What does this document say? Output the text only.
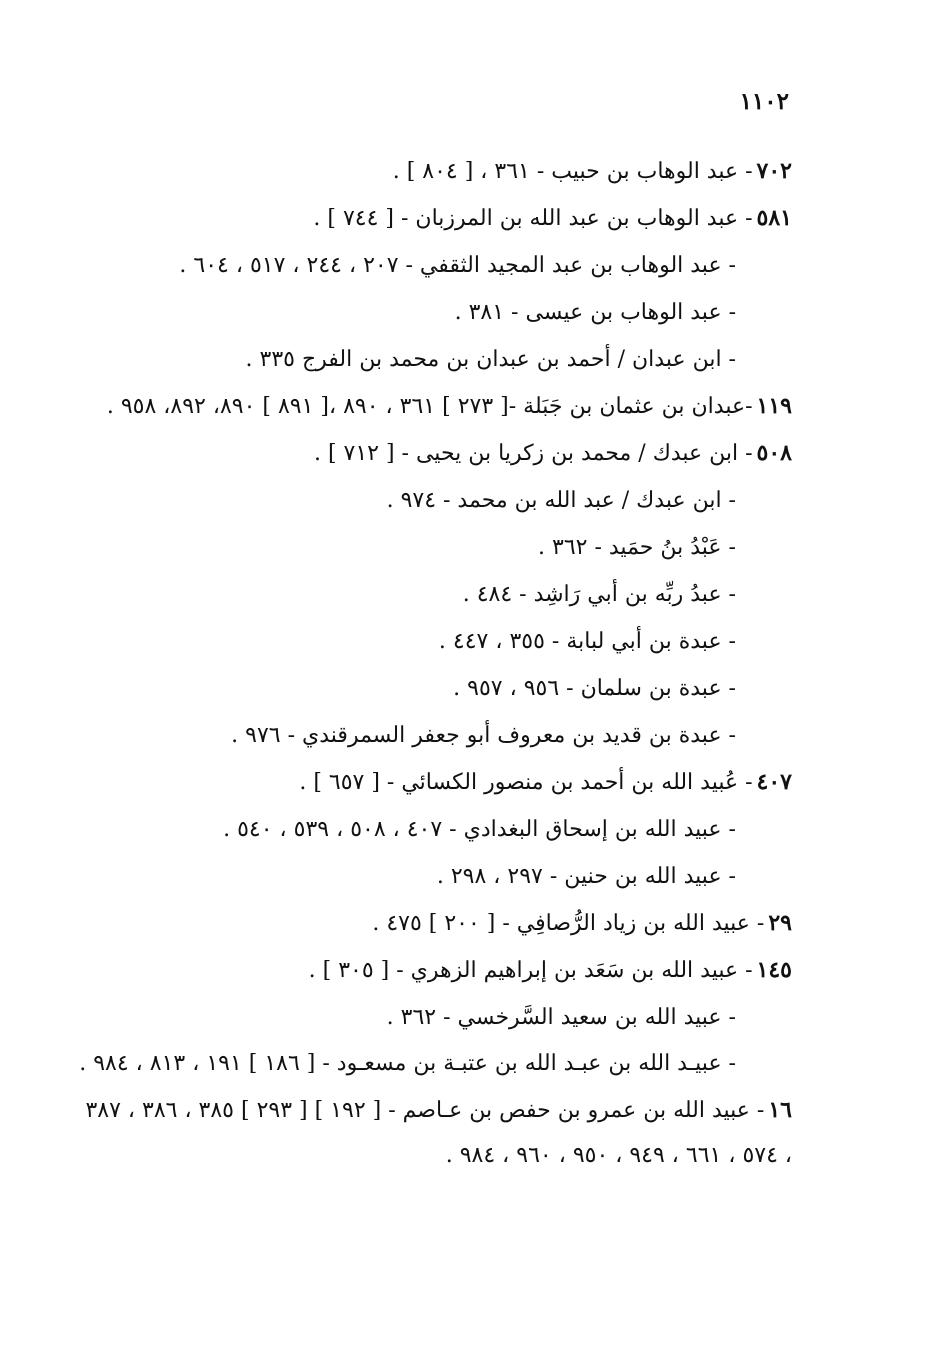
١١٠٢
٧٠٢- عبد الوهاب بن حبيب - ٣٦١ ، [ ٨٠٤ ] .
٥٨١- عبد الوهاب بن عبد الله بن المرزبان - [ ٧٤٤ ] .
- عبد الوهاب بن عبد المجيد الثقفي - ٢٠٧ ، ٢٤٤ ، ٥١٧ ، ٦٠٤ .
- عبد الوهاب بن عيسى - ٣٨١ .
- ابن عبدان / أحمد بن عبدان بن محمد بن الفرج ٣٣٥ .
١١٩-عبدان بن عثمان بن جَبَلة -[ ٢٧٣ ] ٣٦١ ، ٨٩٠ ،[ ٨٩١ ] ٨٩٠، ٨٩٢، ٩٥٨ .
٥٠٨- ابن عبدك / محمد بن زكريا بن يحيى - [ ٧١٢ ] .
- ابن عبدك / عبد الله بن محمد - ٩٧٤ .
- عَبْدُ بنُ حمَيد - ٣٦٢ .
- عبدُ ربِّه بن أبي رَاشِد - ٤٨٤ .
- عبدة بن أبي لبابة - ٣٥٥ ، ٤٤٧ .
- عبدة بن سلمان - ٩٥٦ ، ٩٥٧ .
- عبدة بن قديد بن معروف أبو جعفر السمرقندي - ٩٧٦ .
٤٠٧- عُبيد الله بن أحمد بن منصور الكسائي - [ ٦٥٧ ] .
- عبيد الله بن إسحاق البغدادي - ٤٠٧ ، ٥٠٨ ، ٥٣٩ ، ٥٤٠ .
- عبيد الله بن حنين - ٢٩٧ ، ٢٩٨ .
٢٩- عبيد الله بن زياد الرُّصافِي - [ ٢٠٠ ] ٤٧٥ .
١٤٥- عبيد الله بن سَعَد بن إبراهيم الزهري - [ ٣٠٥ ] .
- عبيد الله بن سعيد السَّرخسي - ٣٦٢ .
- عبيـد الله بن عبـد الله بن عتبـة بن مسعـود - [ ١٨٦ ] ١٩١ ، ٨١٣ ، ٩٨٤ .
١٦- عبيد الله بن عمرو بن حفص بن عـاصم - [ ١٩٢ ] [ ٢٩٣ ] ٣٨٥ ، ٣٨٦ ، ٣٨٧ ، ٥٧٤ ، ٦٦١ ، ٩٤٩ ، ٩٥٠ ، ٩٦٠ ، ٩٨٤ .
